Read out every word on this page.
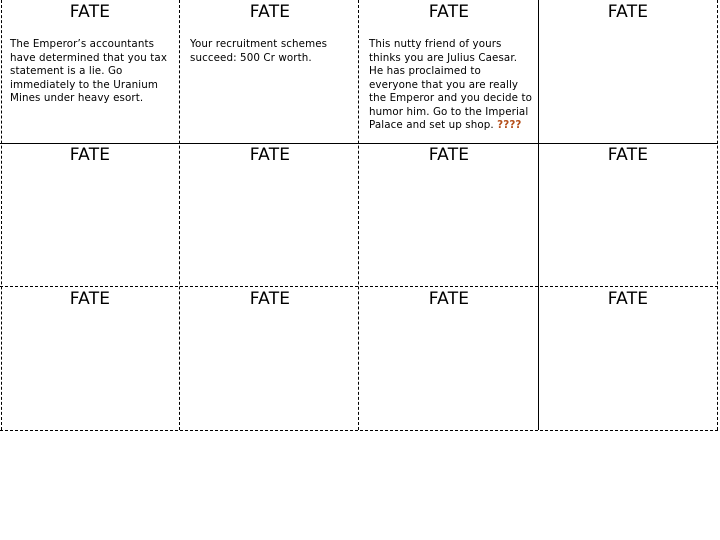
FATE
The Emperor’s accountants have determined that you tax statement is a lie. Go immediately to the Uranium Mines under heavy esort.
FATE
Your recruitment schemes succeed: 500 Cr worth.
FATE
This nutty friend of yours thinks you are Julius Caesar. He has proclaimed to everyone that you are really the Emperor and you decide to humor him. Go to the Imperial Palace and set up shop. ????
FATE
FATE	FATE	FATE	FATE
FATE	FATE	FATE	FATE
